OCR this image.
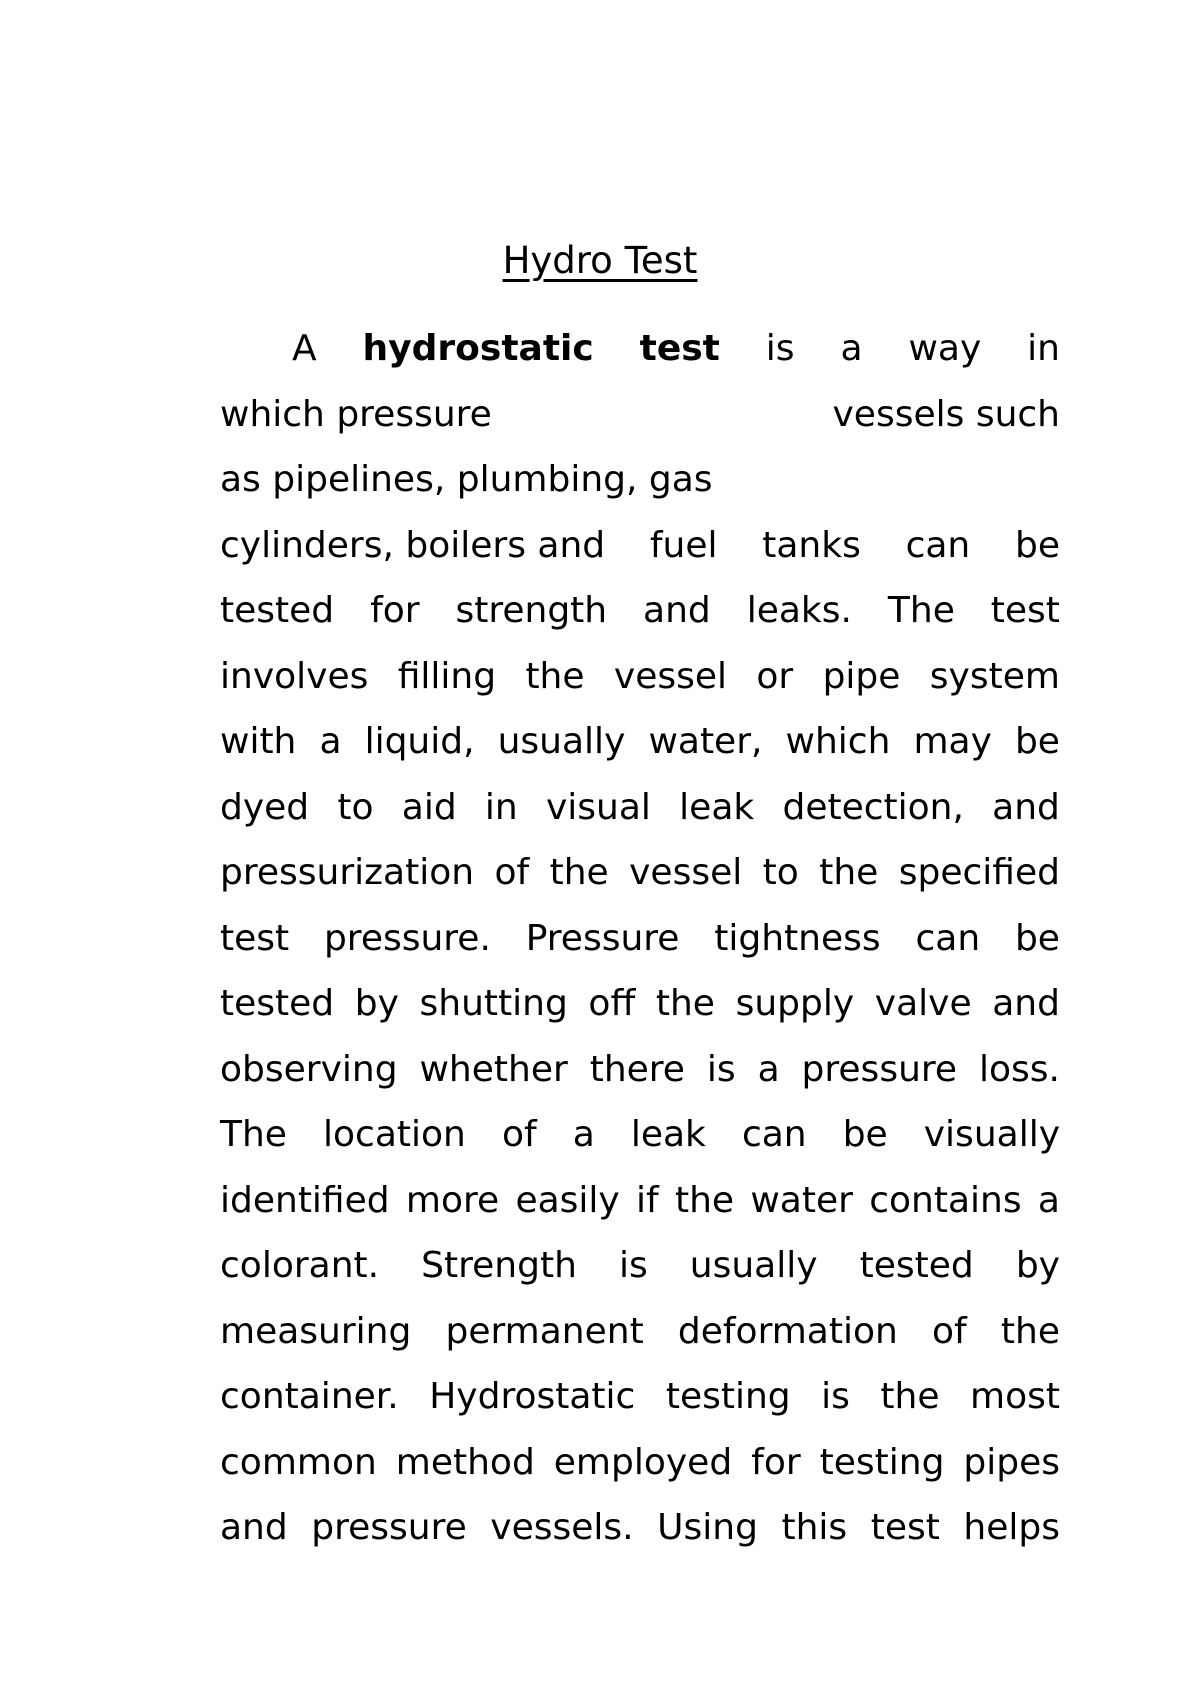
Hydro Test
A hydrostatic test is a way in
which pressure	vessels such
as pipelines, plumbing, gas
cylinders, boilers and fuel tanks can be
tested for strength and leaks. The test
involves filling the vessel or pipe system
with a liquid, usually water, which may be
dyed to aid in visual leak detection, and
pressurization of the vessel to the specified
test pressure. Pressure tightness can be
tested by shutting off the supply valve and
observing whether there is a pressure loss.
The location of a leak can be visually
identified more easily if the water contains a
colorant. Strength is usually tested by
measuring permanent deformation of the
container. Hydrostatic testing is the most
common method employed for testing pipes
and pressure vessels. Using this test helps
